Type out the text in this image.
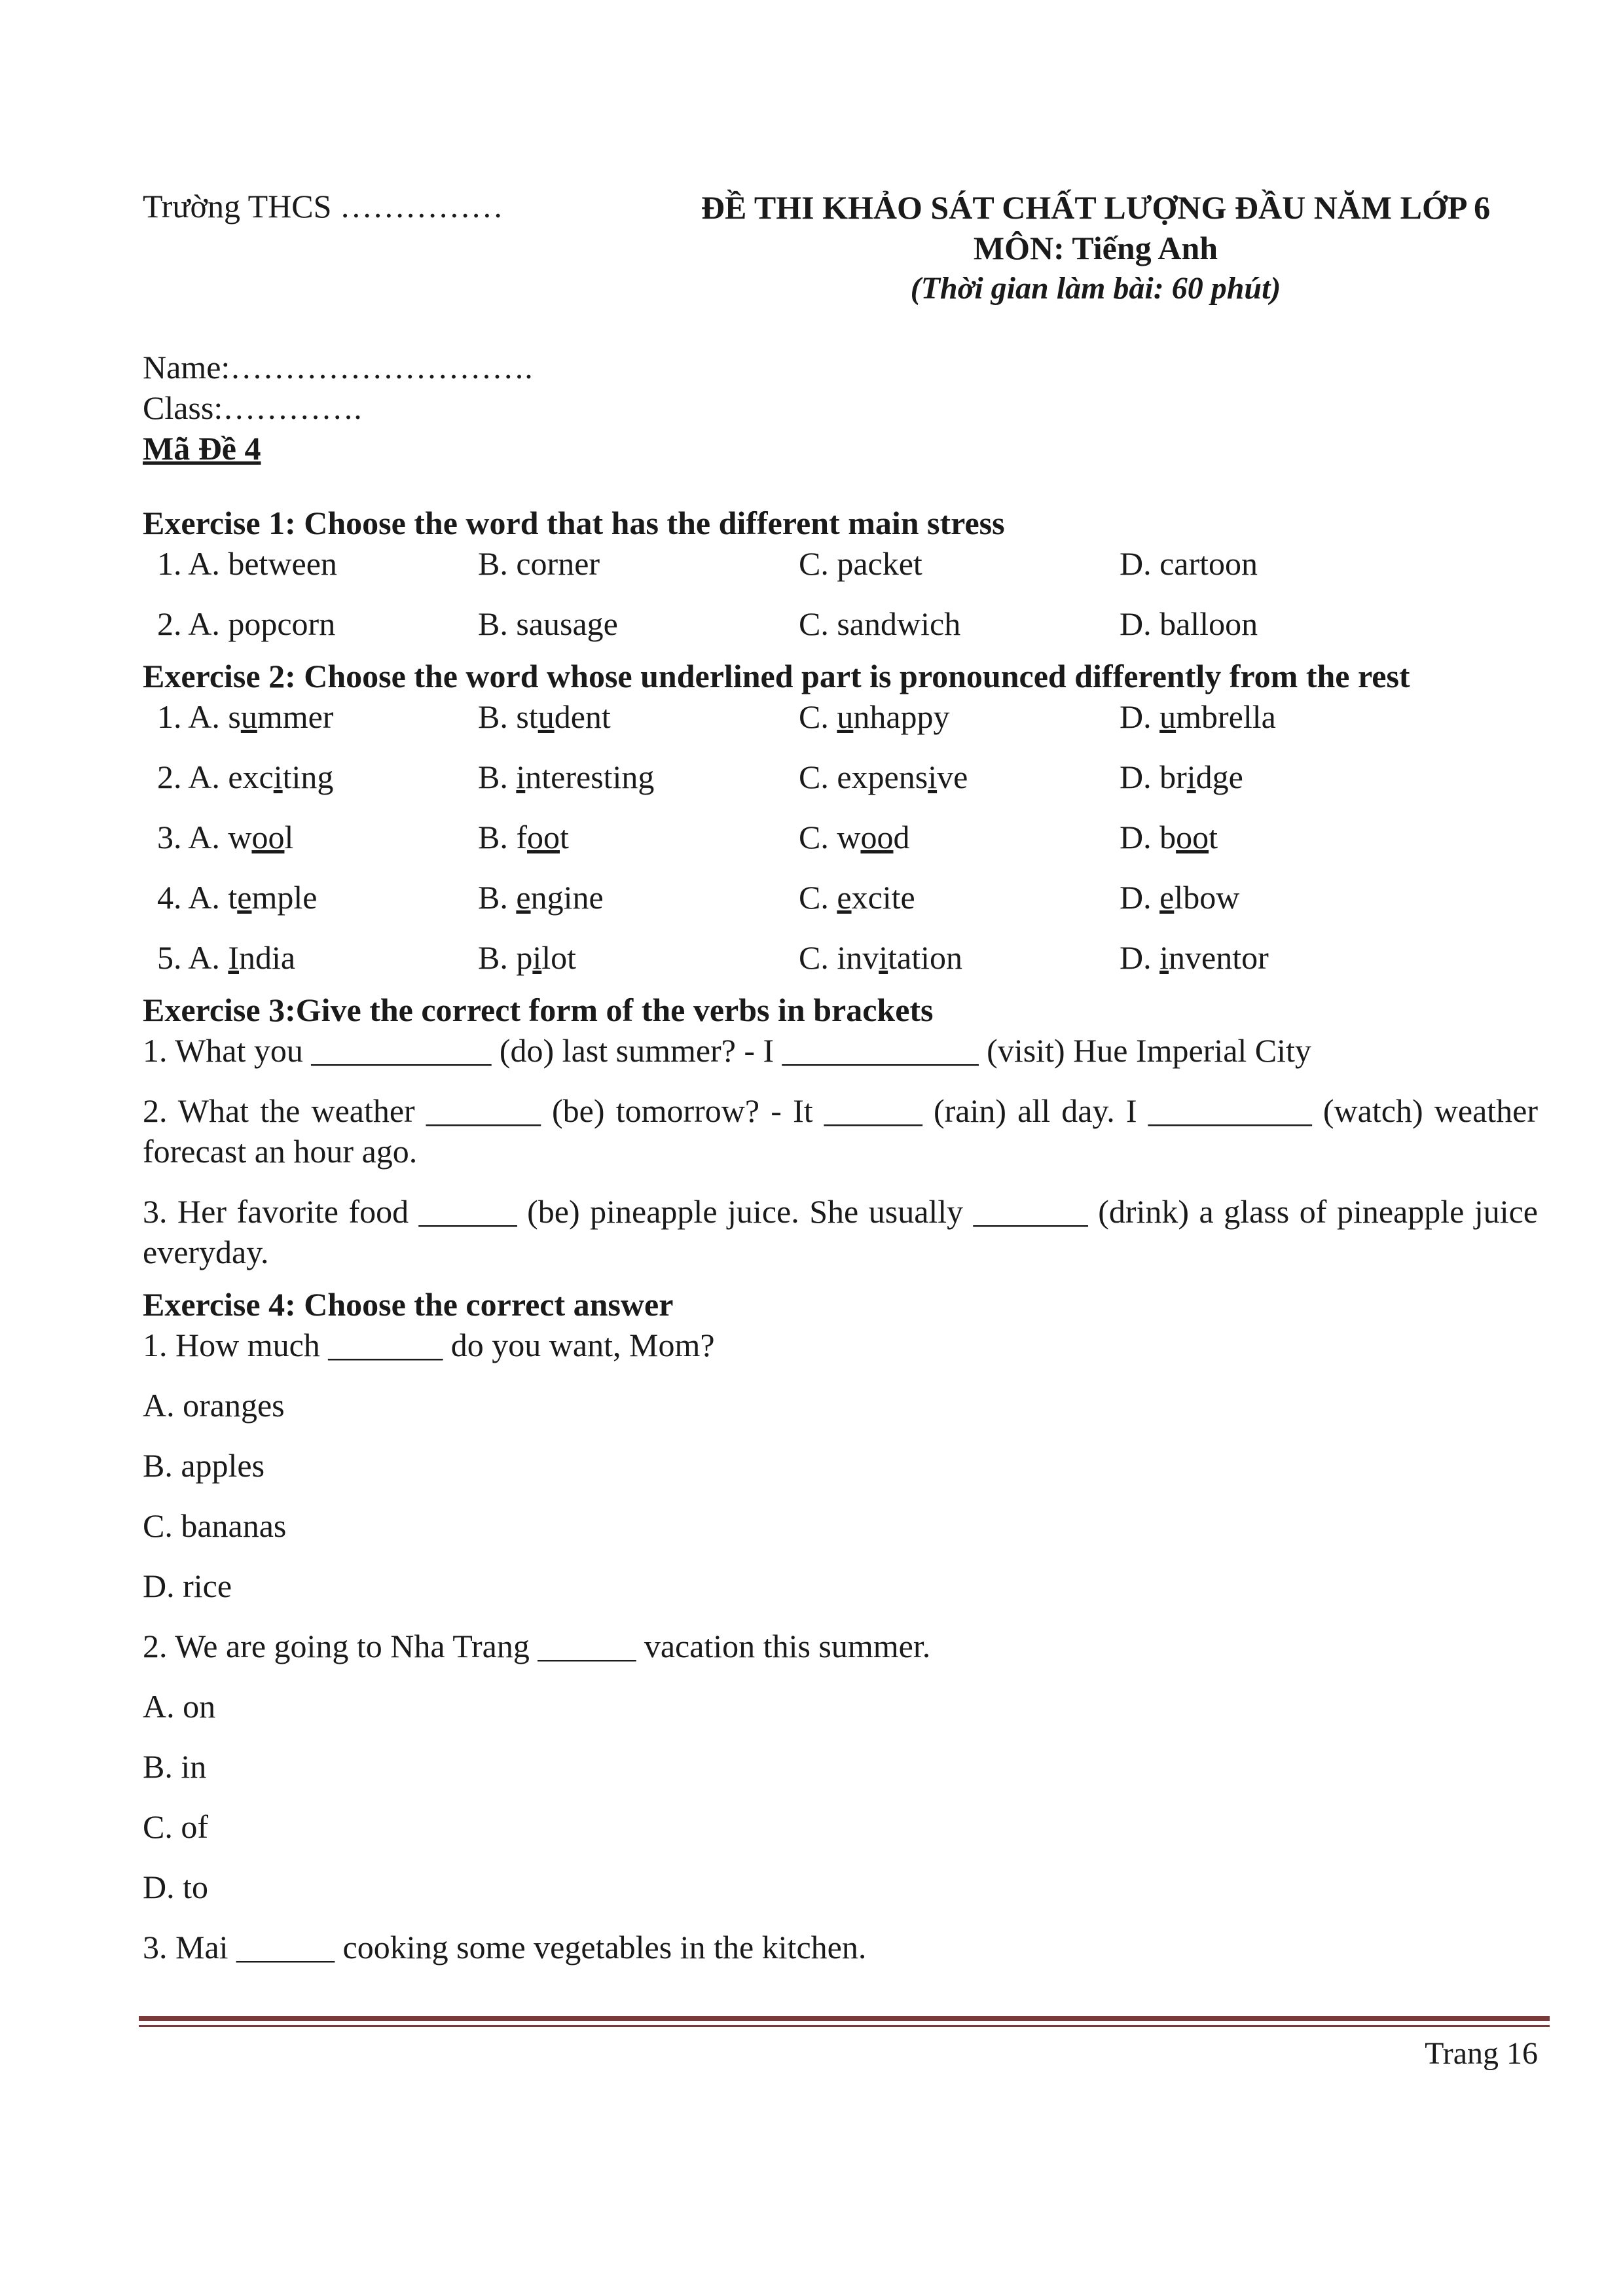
Trường THCS ……………	ĐỀ THI KHẢO SÁT CHẤT LƯỢNG ĐẦU NĂM LỚP 6
MÔN: Tiếng Anh
(Thời gian làm bài: 60 phút)
Name:……………………….
Class:………….
Mã Đề 4
Exercise 1: Choose the word that has the different main stress
1. A. between	B. corner	C. packet	D. cartoon
2. A. popcorn	B. sausage	C. sandwich	D. balloon
Exercise 2: Choose the word whose underlined part is pronounced differently from the rest
1. A. summer	B. student	C. unhappy	D. umbrella
2. A. exciting	B. interesting	C. expensive	D. bridge
3. A. wool	B. foot	C. wood	D. boot
4. A. temple	B. engine	C. excite	D. elbow
5. A. India	B. pilot	C. invitation	D. inventor
Exercise 3:Give the correct form of the verbs in brackets
1. What you ___________ (do) last summer? - I ____________ (visit) Hue Imperial City
2. What the weather _______ (be) tomorrow? - It ______ (rain) all day. I __________ (watch) weather forecast an hour ago.
3. Her favorite food ______ (be) pineapple juice. She usually _______ (drink) a glass of pineapple juice everyday.
Exercise 4: Choose the correct answer
1. How much _______ do you want, Mom?
A. oranges
B. apples
C. bananas
D. rice
2. We are going to Nha Trang ______ vacation this summer.
A. on
B. in
C. of
D. to
3. Mai ______ cooking some vegetables in the kitchen.
Trang 16
